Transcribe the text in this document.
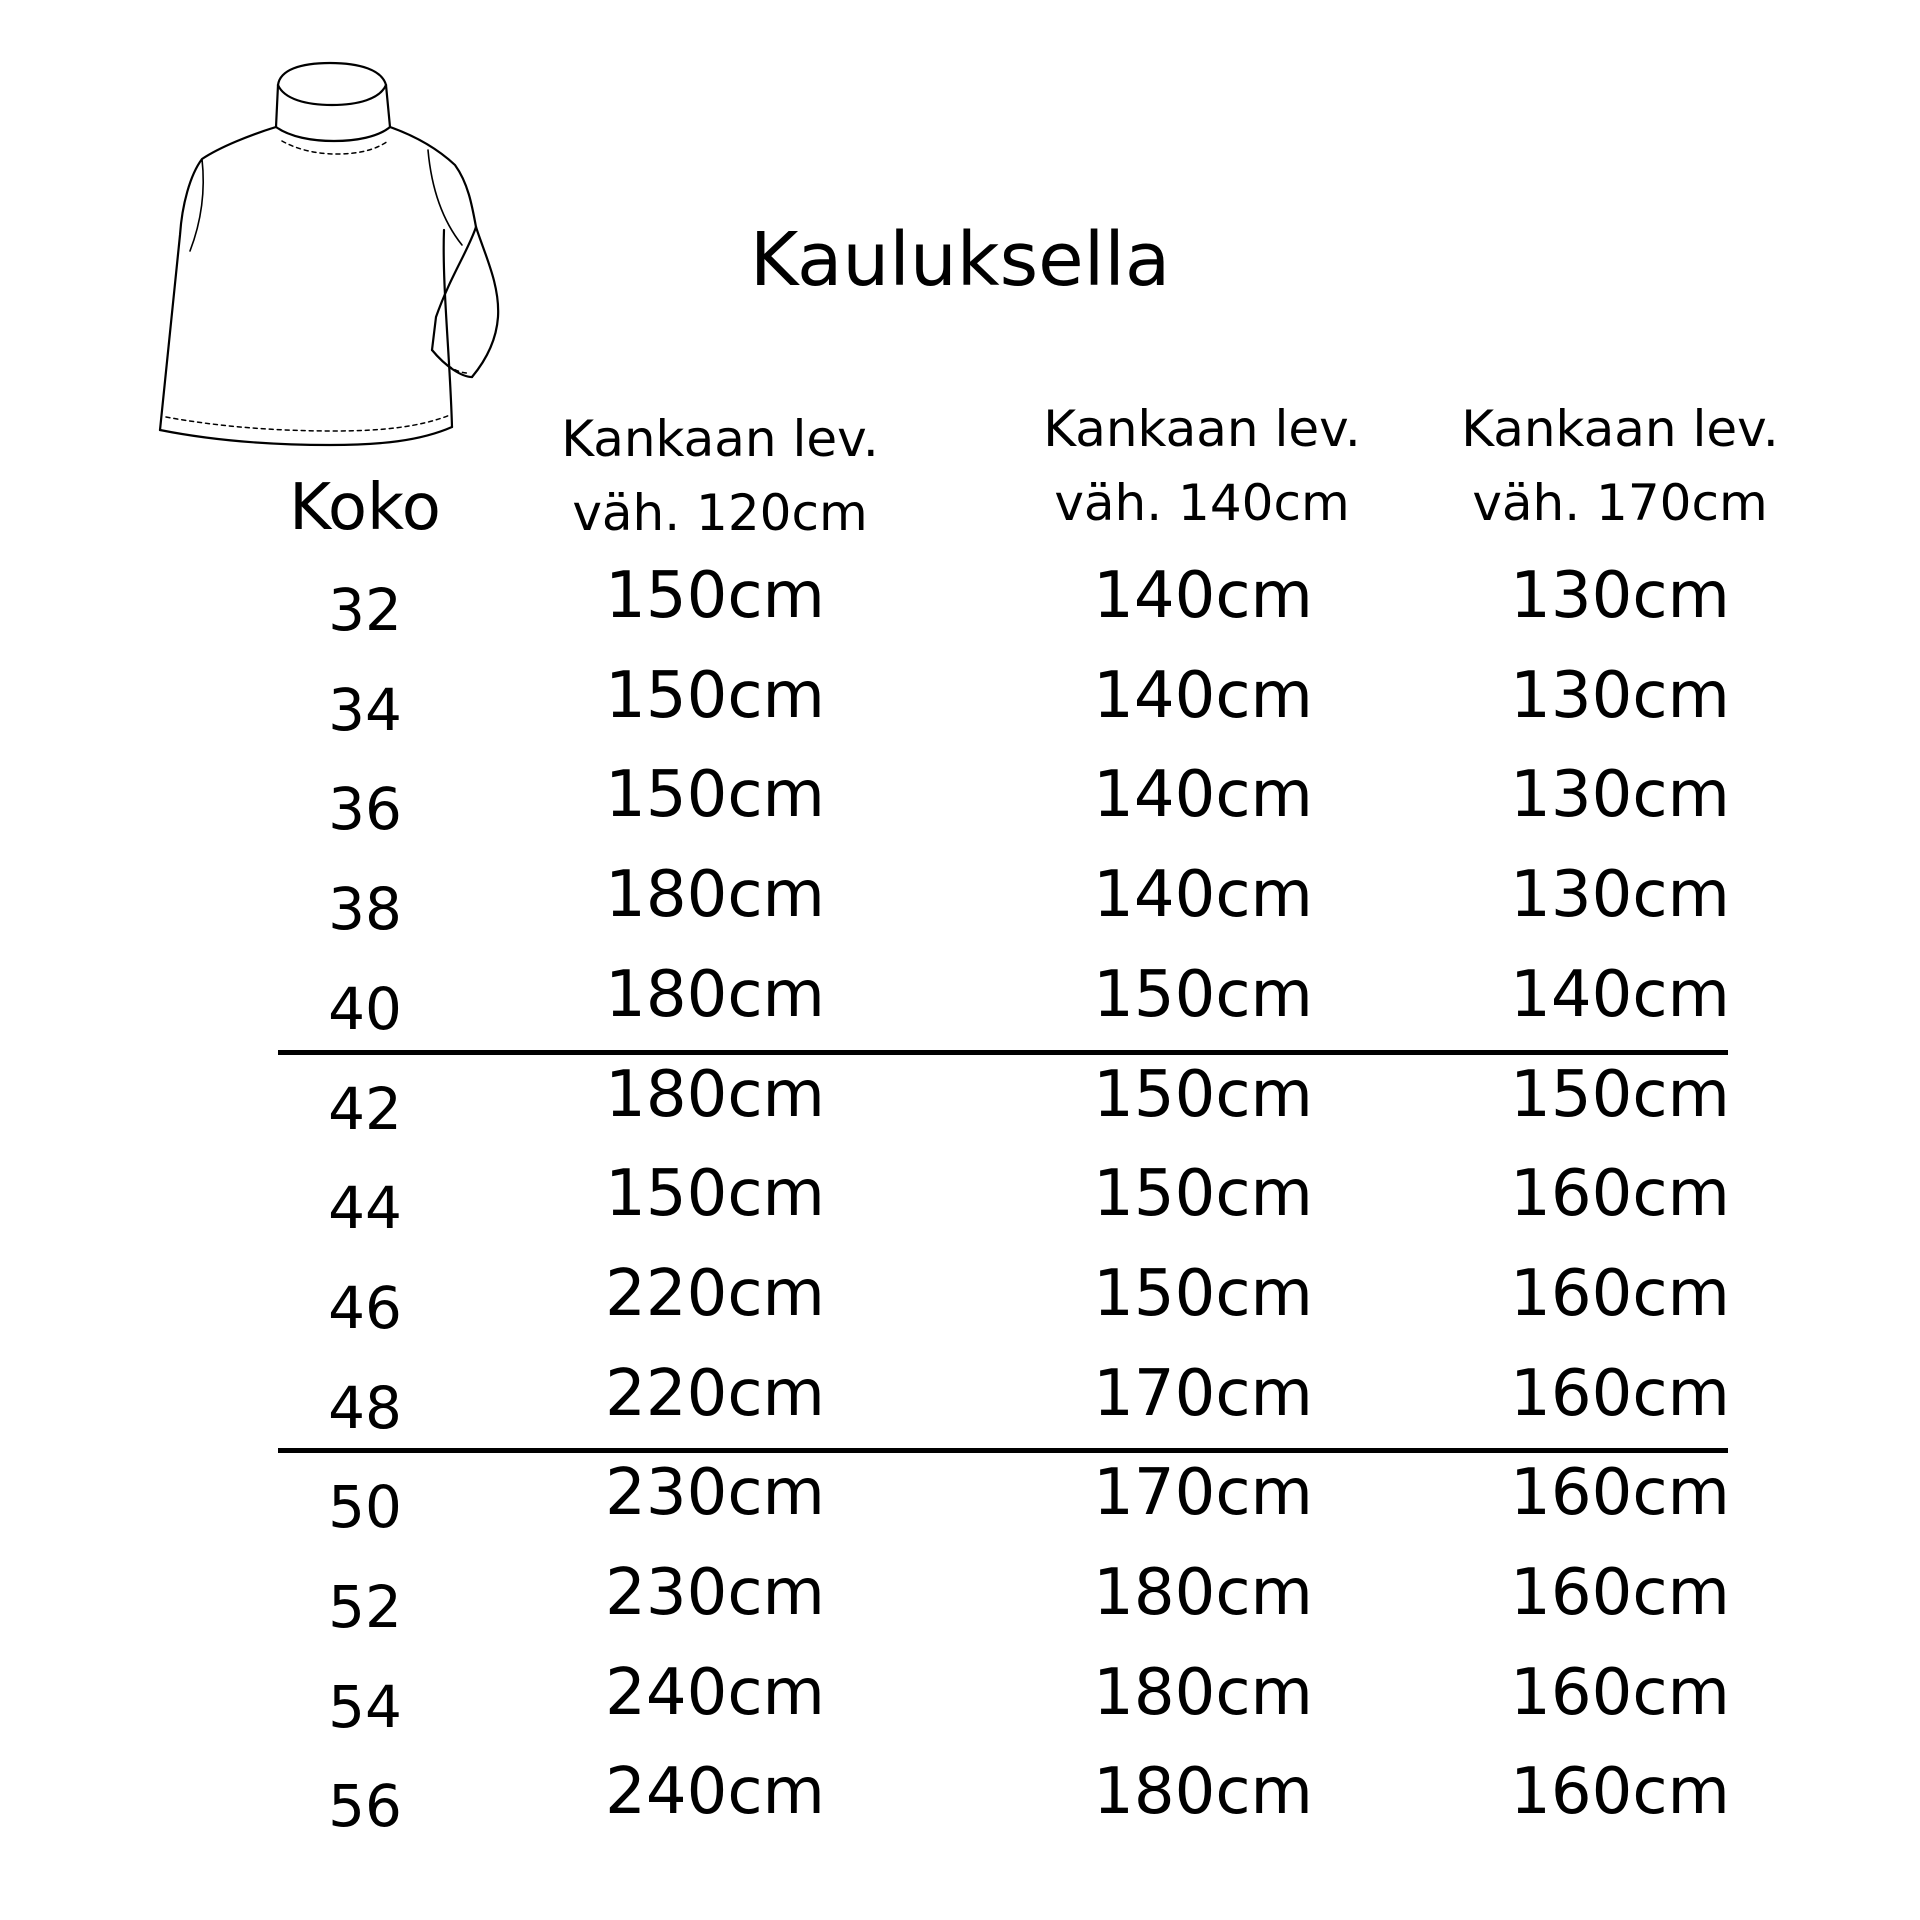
Kauluksella
Kankaan lev.
väh. 120cm
Kankaan lev.
väh. 140cm
Kankaan lev.
väh. 170cm
Koko
32	150cm	140cm	130cm
34	150cm	140cm	130cm
36	150cm	140cm	130cm
38	180cm	140cm	130cm
40	180cm	150cm	140cm
42	180cm	150cm	150cm
44	150cm	150cm	160cm
46	220cm	150cm	160cm
48	220cm	170cm	160cm
50	230cm	170cm	160cm
52	230cm	180cm	160cm
54	240cm	180cm	160cm
56	240cm	180cm	160cm
